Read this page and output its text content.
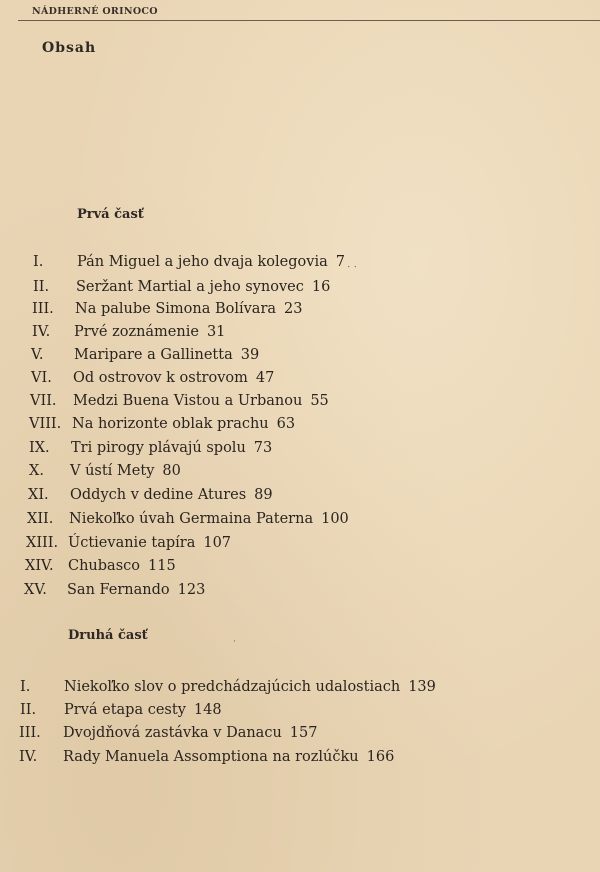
NÁDHERNÉ ORINOCO
Obsah
Prvá časť
Druhá časť
I. Pán Miguel a jeho dvaja kolegovia 7
II. Seržant Martial a jeho synovec 16
III. Na palube Simona Bolívara 23
IV. Prvé zoznámenie 31
V. Maripare a Gallinetta 39
VI. Od ostrovov k ostrovom 47
VII. Medzi Buena Vistou a Urbanou 55
VIII. Na horizonte oblak prachu 63
IX. Tri pirogy plávajú spolu 73
X. V ústí Mety 80
XI. Oddych v dedine Atures 89
XII. Niekoľko úvah Germaina Paterna 100
XIII. Úctievanie tapíra 107
XIV. Chubasco 115
XV. San Fernando 123
I. Niekoľko slov o predchádzajúcich udalostiach 139
II. Prvá etapa cesty 148
III. Dvojdňová zastávka v Danacu 157
IV. Rady Manuela Assomptiona na rozlúčku 166
⋅ ⋅
˙
